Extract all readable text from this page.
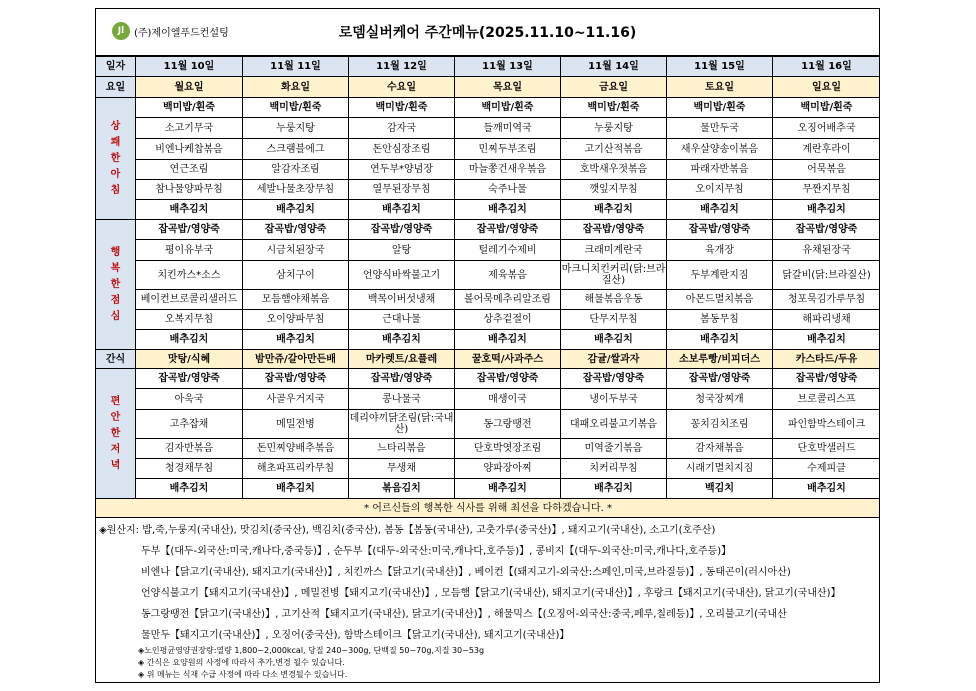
Jl (주)제이엘푸드컨설팅	로뎀실버케어 주간메뉴(2025.11.10~11.16)
일자	11월 10일	11월 11일	11월 12일	11월 13일	11월 14일	11월 15일	11월 16일
요일	월요일	화요일	수요일	목요일	금요일	토요일	일요일
상쾌한아침	백미밥/흰죽	백미밥/흰죽	백미밥/흰죽	백미밥/흰죽	백미밥/흰죽	백미밥/흰죽	백미밥/흰죽
	소고기무국	누룽지탕	감자국	들깨미역국	누룽지탕	물만두국	오징어배추국
	비엔나케찹볶음	스크램블에그	돈안심장조림	민찌두부조림	고기산적볶음	새우살양송이볶음	계란후라이
	연근조림	알감자조림	연두부*양념장	마늘쫑건새우볶음	호박새우젓볶음	파래자반볶음	어묵볶음
	참나물양파무침	세발나물초장무침	열무된장무침	숙주나물	깻잎지무침	오이지무침	무짠지무침
	배추김치	배추김치	배추김치	배추김치	배추김치	배추김치	배추김치
행복한점심	잡곡밥/영양죽	잡곡밥/영양죽	잡곡밥/영양죽	잡곡밥/영양죽	잡곡밥/영양죽	잡곡밥/영양죽	잡곡밥/영양죽
	평이유부국	시금치된장국	알탕	털레기수제비	크래미계란국	육개장	유채된장국
	치킨까스*소스	삼치구이	언양식바싹불고기	제육볶음	마크니치킨커리(닭:브라질산)	두부계란지짐	닭갈비(닭:브라질산)
	베이컨브로콜리샐러드	모듬햄야채볶음	백목이버섯냉채	볼어묵메추리알조림	해물볶음우동	아몬드멸치볶음	청포묵김가루무침
	오복지무침	오이양파무침	근대나물	상추겉절이	단무지무침	봄동무침	해파리냉채
	배추김치	배추김치	배추김치	배추김치	배추김치	배추김치	배추김치
간식	맛탕/식혜	밤만쥬/갈아만든배	마카렛트/요플레	꿀호떡/사과주스	감귤/쌀과자	소보루빵/비피더스	카스타드/두유
편안한저녁	잡곡밥/영양죽	잡곡밥/영양죽	잡곡밥/영양죽	잡곡밥/영양죽	잡곡밥/영양죽	잡곡밥/영양죽	잡곡밥/영양죽
	아욱국	사골우거지국	콩나물국	매생이국	냉이두부국	청국장찌개	브로콜리스프
	고추잡채	메밀전병	데리야끼닭조림(닭:국내산)	동그랑땡전	대패오리불고기볶음	꽁치김치조림	파인함박스테이크
	김자반볶음	돈민찌양배추볶음	느타리볶음	단호박엿장조림	미역줄기볶음	감자채볶음	단호박샐러드
	청경채무침	해초파프리카무침	무생채	양파장아찌	치커리무침	시래기멸치지짐	수제피클
	배추김치	배추김치	볶음김치	배추김치	배추김치	백김치	배추김치
* 어르신들의 행복한 식사를 위해 최선을 다하겠습니다. *							
◈원산지: 밥,죽,누룽지(국내산), 맛김치(중국산), 백김치(중국산), 봄동【봄동(국내산), 고춧가루(중국산)】, 돼지고기(국내산), 소고기(호주산)
두부【(대두-외국산:미국,캐나다,중국등)】, 순두부【(대두-외국산:미국,캐나다,호주등)】, 콩비지【(대두-외국산:미국,캐나다,호주등)】
비엔나【닭고기(국내산), 돼지고기(국내산)】, 치킨까스【닭고기(국내산)】, 베이컨【(돼지고기-외국산:스페인,미국,브라질등)】, 동태곤이(러시아산)
언양식불고기【돼지고기(국내산)】, 메밀전병【돼지고기(국내산)】, 모듬햄【닭고기(국내산), 돼지고기(국내산)】, 후랑크【돼지고기(국내산), 닭고기(국내산)】
동그랑땡전【닭고기(국내산)】, 고기산적【돼지고기(국내산), 닭고기(국내산)】, 해물믹스【(오징어-외국산:중국,페루,칠레등)】, 오리불고기(국내산
물만두【돼지고기(국내산)】, 오징어(중국산), 함박스테이크【닭고기(국내산), 돼지고기(국내산)】
◈노인평균영양권장량:열량 1,800~2,000kcal, 당질 240~300g, 단백질 50~70g,지질 30~53g
◈ 간식은 요양원의 사정에 따라서 추가,변경 될수 있습니다.
◈ 위 메뉴는 식재 수급 사정에 따라 다소 변경될수 있습니다.
